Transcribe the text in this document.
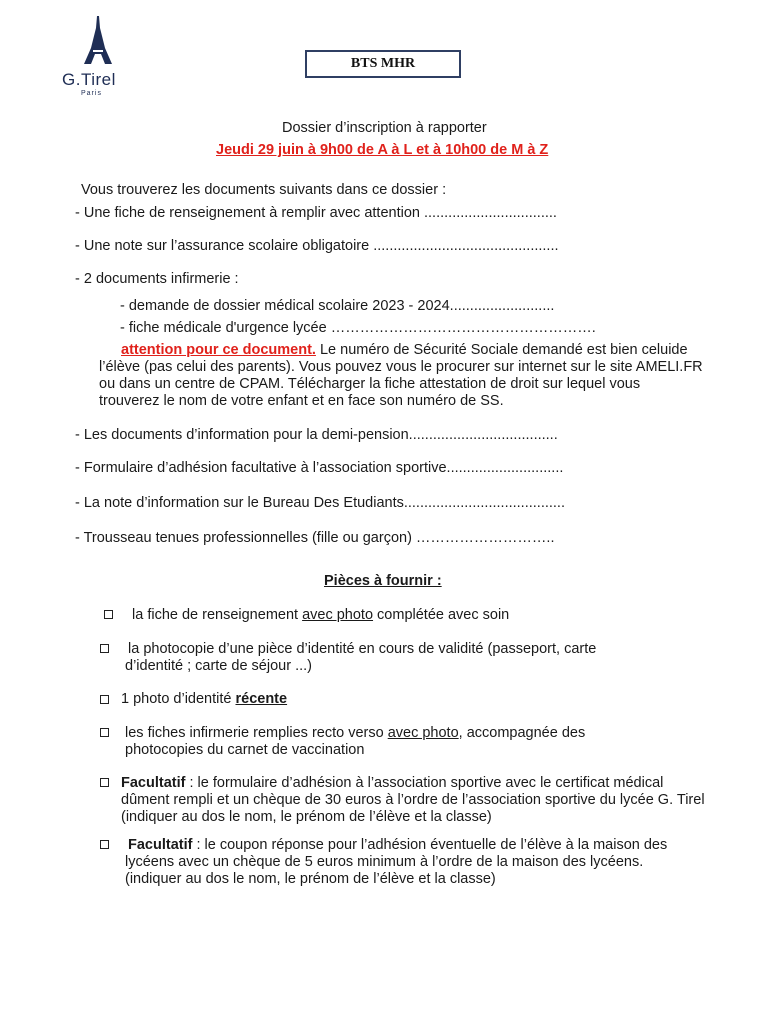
G.Tirel
Paris
BTS MHR
Dossier d’inscription à rapporter
Jeudi 29 juin à 9h00 de A à L et à 10h00 de M à Z
Vous trouverez les documents suivants dans ce dossier :
- Une fiche de renseignement à remplir avec attention .................................
- Une note sur l’assurance scolaire obligatoire ..............................................
- 2 documents infirmerie :
- demande de dossier médical scolaire 2023 - 2024..........................
- fiche médicale d'urgence lycée ……………………………………………….
attention pour ce document. Le numéro de Sécurité Sociale demandé est bien celuide l’élève (pas celui des parents). Vous pouvez vous le procurer sur internet sur le site AMELI.FR ou dans un centre de CPAM. Télécharger la fiche attestation de droit sur lequel vous trouverez le nom de votre enfant et en face son numéro de SS.
- Les documents d’information pour la demi-pension.....................................
- Formulaire d’adhésion facultative à l’association sportive.............................
- La note d’information sur le Bureau Des Etudiants........................................
- Trousseau tenues professionnelles (fille ou garçon) ………………………..
Pièces à fournir :
la fiche de renseignement avec photo complétée avec soin
la photocopie d’une pièce d’identité en cours de validité (passeport, carte d’identité ; carte de séjour ...)
1 photo d’identité récente
les fiches infirmerie remplies recto verso avec photo, accompagnée des photocopies du carnet de vaccination
Facultatif : le formulaire d’adhésion à l’association sportive avec le certificat médical dûment rempli et un chèque de 30 euros à l’ordre de l’association sportive du lycée G. Tirel (indiquer au dos le nom, le prénom de l’élève et la classe)
Facultatif : le coupon réponse pour l’adhésion éventuelle de l’élève à la maison des lycéens avec un chèque de 5 euros minimum à l’ordre de la maison des lycéens. (indiquer au dos le nom, le prénom de l’élève et la classe)
